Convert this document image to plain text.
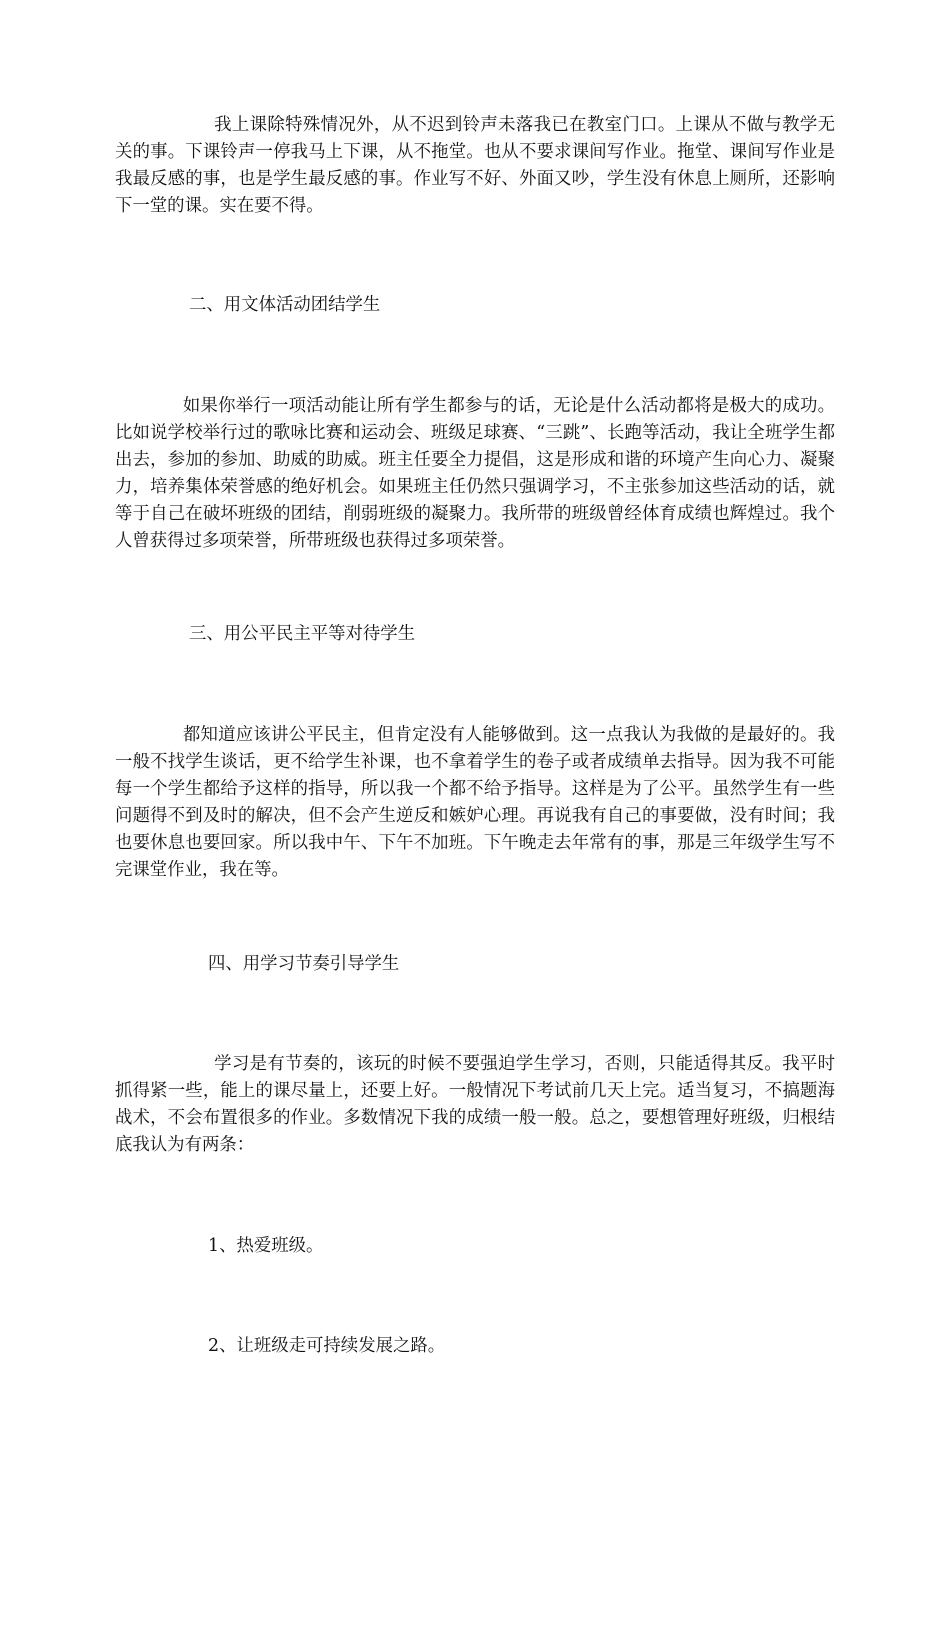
我上课除特殊情况外，从不迟到铃声未落我已在教室门口。上课从不做与教学无关的事。下课铃声一停我马上下课，从不拖堂。也从不要求课间写作业。拖堂、课间写作业是我最反感的事，也是学生最反感的事。作业写不好、外面又吵，学生没有休息上厕所，还影响下一堂的课。实在要不得。

二、用文体活动团结学生

如果你举行一项活动能让所有学生都参与的话，无论是什么活动都将是极大的成功。比如说学校举行过的歌咏比赛和运动会、班级足球赛、“三跳”、长跑等活动，我让全班学生都出去，参加的参加、助威的助威。班主任要全力提倡，这是形成和谐的环境产生向心力、凝聚力，培养集体荣誉感的绝好机会。如果班主任仍然只强调学习，不主张参加这些活动的话，就等于自己在破坏班级的团结，削弱班级的凝聚力。我所带的班级曾经体育成绩也辉煌过。我个人曾获得过多项荣誉，所带班级也获得过多项荣誉。

三、用公平民主平等对待学生

都知道应该讲公平民主，但肯定没有人能够做到。这一点我认为我做的是最好的。我一般不找学生谈话，更不给学生补课，也不拿着学生的卷子或者成绩单去指导。因为我不可能每一个学生都给予这样的指导，所以我一个都不给予指导。这样是为了公平。虽然学生有一些问题得不到及时的解决，但不会产生逆反和嫉妒心理。再说我有自己的事要做，没有时间；我也要休息也要回家。所以我中午、下午不加班。下午晚走去年常有的事，那是三年级学生写不完课堂作业，我在等。

四、用学习节奏引导学生

学习是有节奏的，该玩的时候不要强迫学生学习，否则，只能适得其反。我平时抓得紧一些，能上的课尽量上，还要上好。一般情况下考试前几天上完。适当复习，不搞题海战术，不会布置很多的作业。多数情况下我的成绩一般一般。总之，要想管理好班级，归根结底我认为有两条：

1、热爱班级。

2、让班级走可持续发展之路。
